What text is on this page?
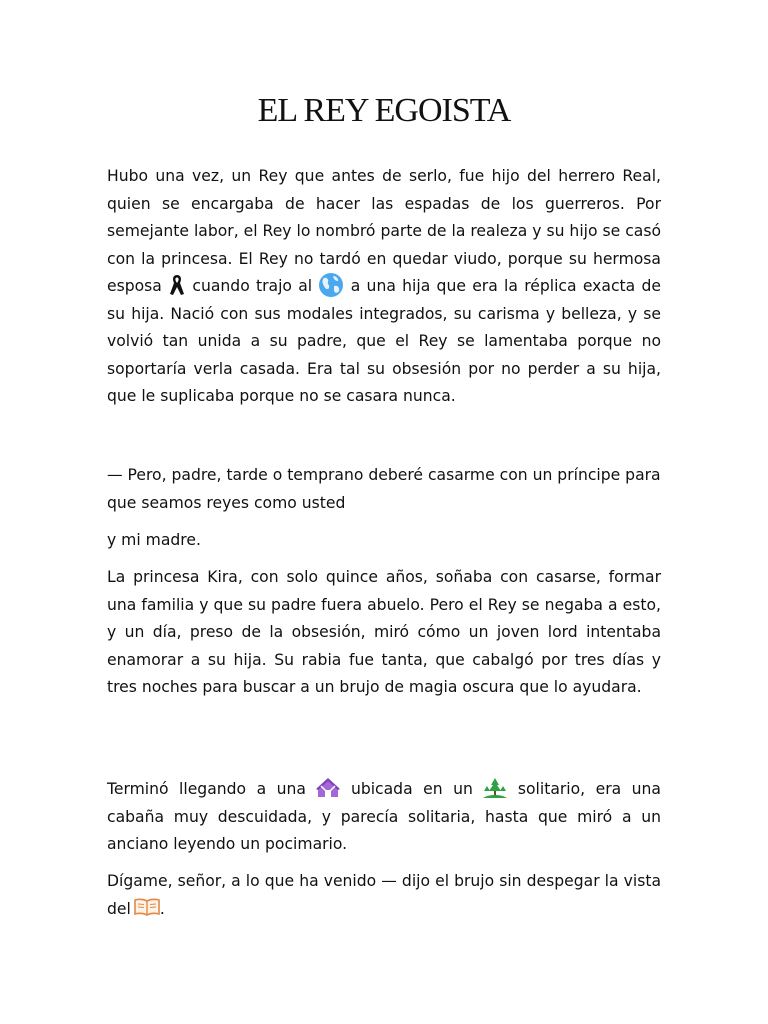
EL REY EGOISTA

Hubo una vez, un Rey que antes de serlo, fue hijo del herrero Real, quien se encargaba de hacer las espadas de los guerreros. Por semejante labor, el Rey lo nombró parte de la realeza y su hijo se casó con la princesa. El Rey no tardó en quedar viudo, porque su hermosa esposa cuando trajo al a una hija que era la réplica exacta de su hija. Nació con sus modales integrados, su carisma y belleza, y se volvió tan unida a su padre, que el Rey se lamentaba porque no soportaría verla casada. Era tal su obsesión por no perder a su hija, que le suplicaba porque no se casara nunca.

— Pero, padre, tarde o temprano deberé casarme con un príncipe para que seamos reyes como usted

y mi madre.

La princesa Kira, con solo quince años, soñaba con casarse, formar una familia y que su padre fuera abuelo. Pero el Rey se negaba a esto, y un día, preso de la obsesión, miró cómo un joven lord intentaba enamorar a su hija. Su rabia fue tanta, que cabalgó por tres días y tres noches para buscar a un brujo de magia oscura que lo ayudara.

Terminó llegando a una	ubicada en un	solitario, era una cabaña muy descuidada, y parecía solitaria, hasta que miró a un anciano leyendo un pocimario.

Dígame, señor, a lo que ha venido — dijo el brujo sin despegar la vista del .
